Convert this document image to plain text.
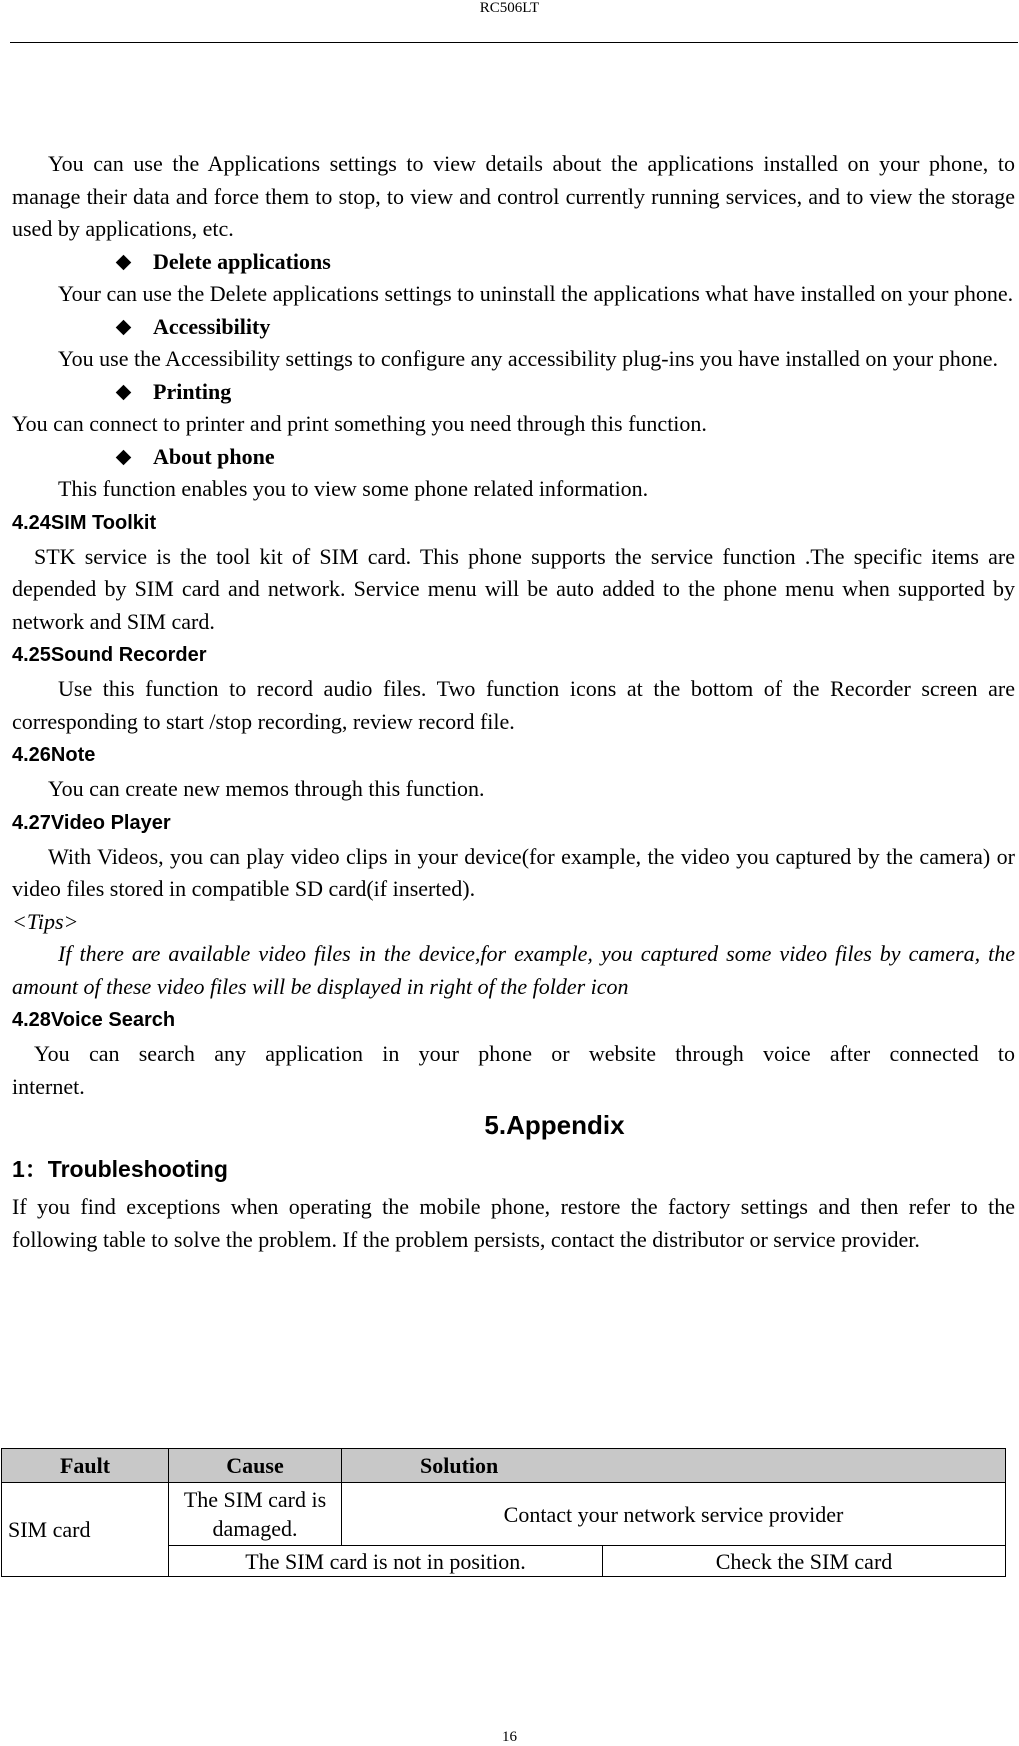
RC506LT

You can use the Applications settings to view details about the applications installed on your phone, to manage their data and force them to stop, to view and control currently running services, and to view the storage used by applications, etc.

Delete applications

Your can use the Delete applications settings to uninstall the applications what have installed on your phone.

Accessibility

You use the Accessibility settings to configure any accessibility plug-ins you have installed on your phone.

Printing

You can connect to printer and print something you need through this function.

About phone

This function enables you to view some phone related information.

4.24SIM Toolkit

STK service is the tool kit of SIM card. This phone supports the service function .The specific items are depended by SIM card and network. Service menu will be auto added to the phone menu when supported by network and SIM card.

4.25Sound Recorder

Use this function to record audio files. Two function icons at the bottom of the Recorder screen are corresponding to start /stop recording, review record file.

4.26Note

You can create new memos through this function.

4.27Video Player

With Videos, you can play video clips in your device(for example, the video you captured by the camera) or video files stored in compatible SD card(if inserted).

<Tips>

If there are available video files in the device,for example, you captured some video files by camera, the amount of these video files will be displayed in right of the folder icon

4.28Voice Search

You can search any application in your phone or website through voice after connected to internet.

5.Appendix
1：Troubleshooting

If you find exceptions when operating the mobile phone, restore the factory settings and then refer to the following table to solve the problem. If the problem persists, contact the distributor or service provider.

Fault	Cause	Solution	
SIM card	The SIM card is damaged.	Contact your network service provider	
	The SIM card is not in position.		Check the SIM card
16
